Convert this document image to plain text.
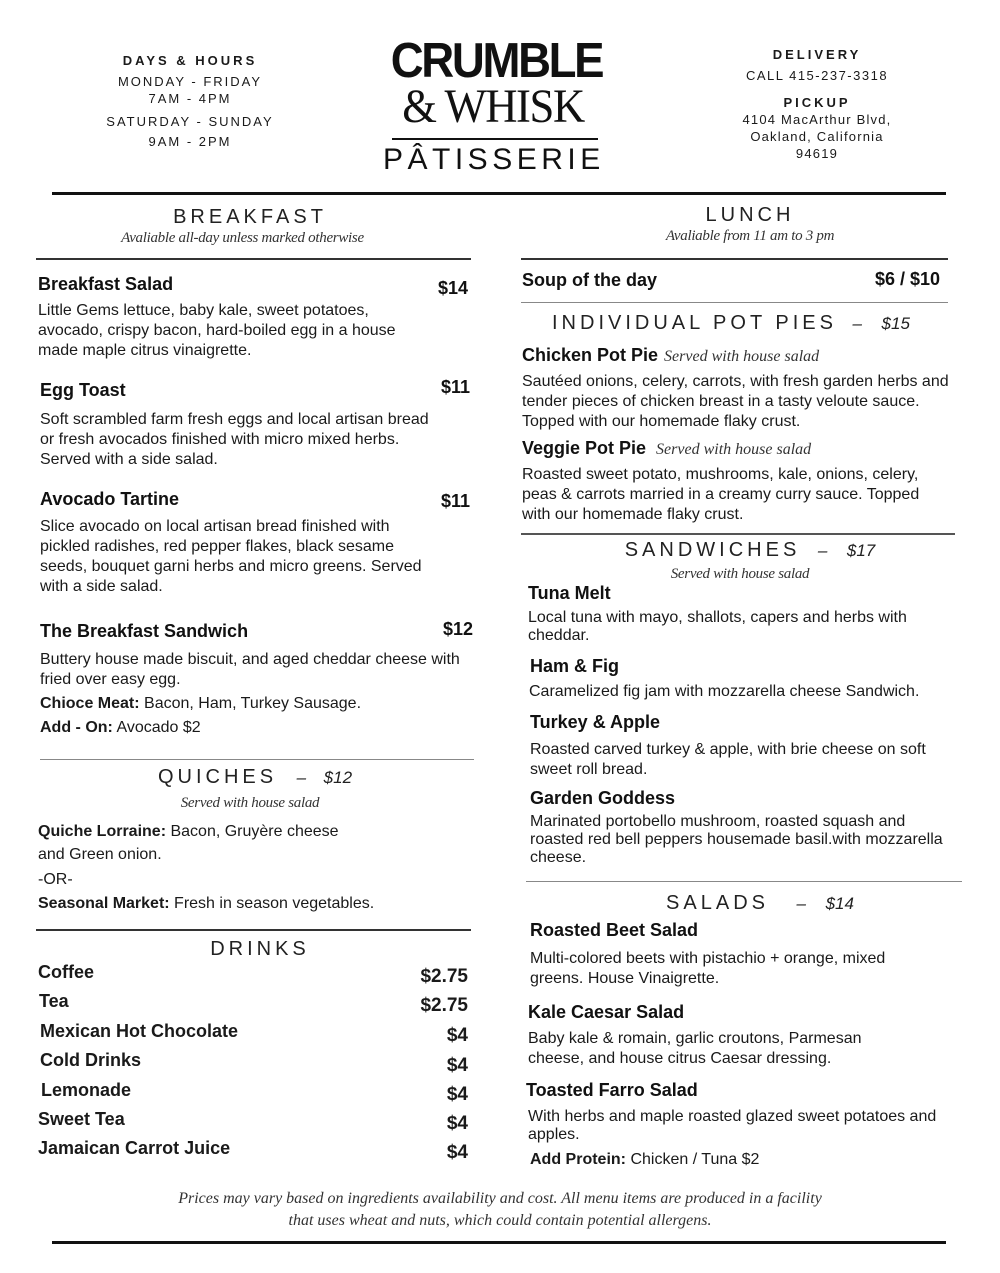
DAYS & HOURS
MONDAY - FRIDAY
7AM - 4PM
SATURDAY - SUNDAY
9AM - 2PM
CRUMBLE
& WHISK
PÂTISSERIE
DELIVERY
CALL 415-237-3318
PICKUP
4104 MacArthur Blvd,
Oakland, California
94619
BREAKFAST
Avaliable all-day unless marked otherwise
Breakfast Salad	$14
Little Gems lettuce, baby kale, sweet potatoes, avocado, crispy bacon, hard-boiled egg in a house made maple citrus vinaigrette.
Egg Toast	$11
Soft scrambled farm fresh eggs and local artisan bread or fresh avocados finished with micro mixed herbs. Served with a side salad.
Avocado Tartine	$11
Slice avocado on local artisan bread finished with pickled radishes, red pepper flakes, black sesame seeds, bouquet garni herbs and micro greens. Served with a side salad.
The Breakfast Sandwich	$12
Buttery house made biscuit, and aged cheddar cheese with fried over easy egg.
Chioce Meat: Bacon, Ham, Turkey Sausage.
Add - On: Avocado $2
QUICHES – $12
Served with house salad
Quiche Lorraine: Bacon, Gruyère cheese
and Green onion.
-OR-
Seasonal Market: Fresh in season vegetables.
DRINKS
Coffee	$2.75
Tea	$2.75
Mexican Hot Chocolate	$4
Cold Drinks	$4
Lemonade	$4
Sweet Tea	$4
Jamaican Carrot Juice	$4
LUNCH
Avaliable from 11 am to 3 pm
Soup of the day	$6 / $10
INDIVIDUAL POT PIES – $15
Chicken Pot Pie Served with house salad
Sautéed onions, celery, carrots, with fresh garden herbs and tender pieces of chicken breast in a tasty veloute sauce. Topped with our homemade flaky crust.
Veggie Pot Pie Served with house salad
Roasted sweet potato, mushrooms, kale, onions, celery, peas & carrots married in a creamy curry sauce. Topped with our homemade flaky crust.
SANDWICHES – $17
Served with house salad
Tuna Melt
Local tuna with mayo, shallots, capers and herbs with cheddar.
Ham & Fig
Caramelized fig jam with mozzarella cheese Sandwich.
Turkey & Apple
Roasted carved turkey & apple, with brie cheese on soft sweet roll bread.
Garden Goddess
Marinated portobello mushroom, roasted squash and roasted red bell peppers housemade basil.with mozzarella cheese.
SALADS – $14
Roasted Beet Salad
Multi-colored beets with pistachio + orange, mixed greens. House Vinaigrette.
Kale Caesar Salad
Baby kale & romain, garlic croutons, Parmesan cheese, and house citrus Caesar dressing.
Toasted Farro Salad
With herbs and maple roasted glazed sweet potatoes and apples.
Add Protein: Chicken / Tuna $2
Prices may vary based on ingredients availability and cost. All menu items are produced in a facility
that uses wheat and nuts, which could contain potential allergens.
